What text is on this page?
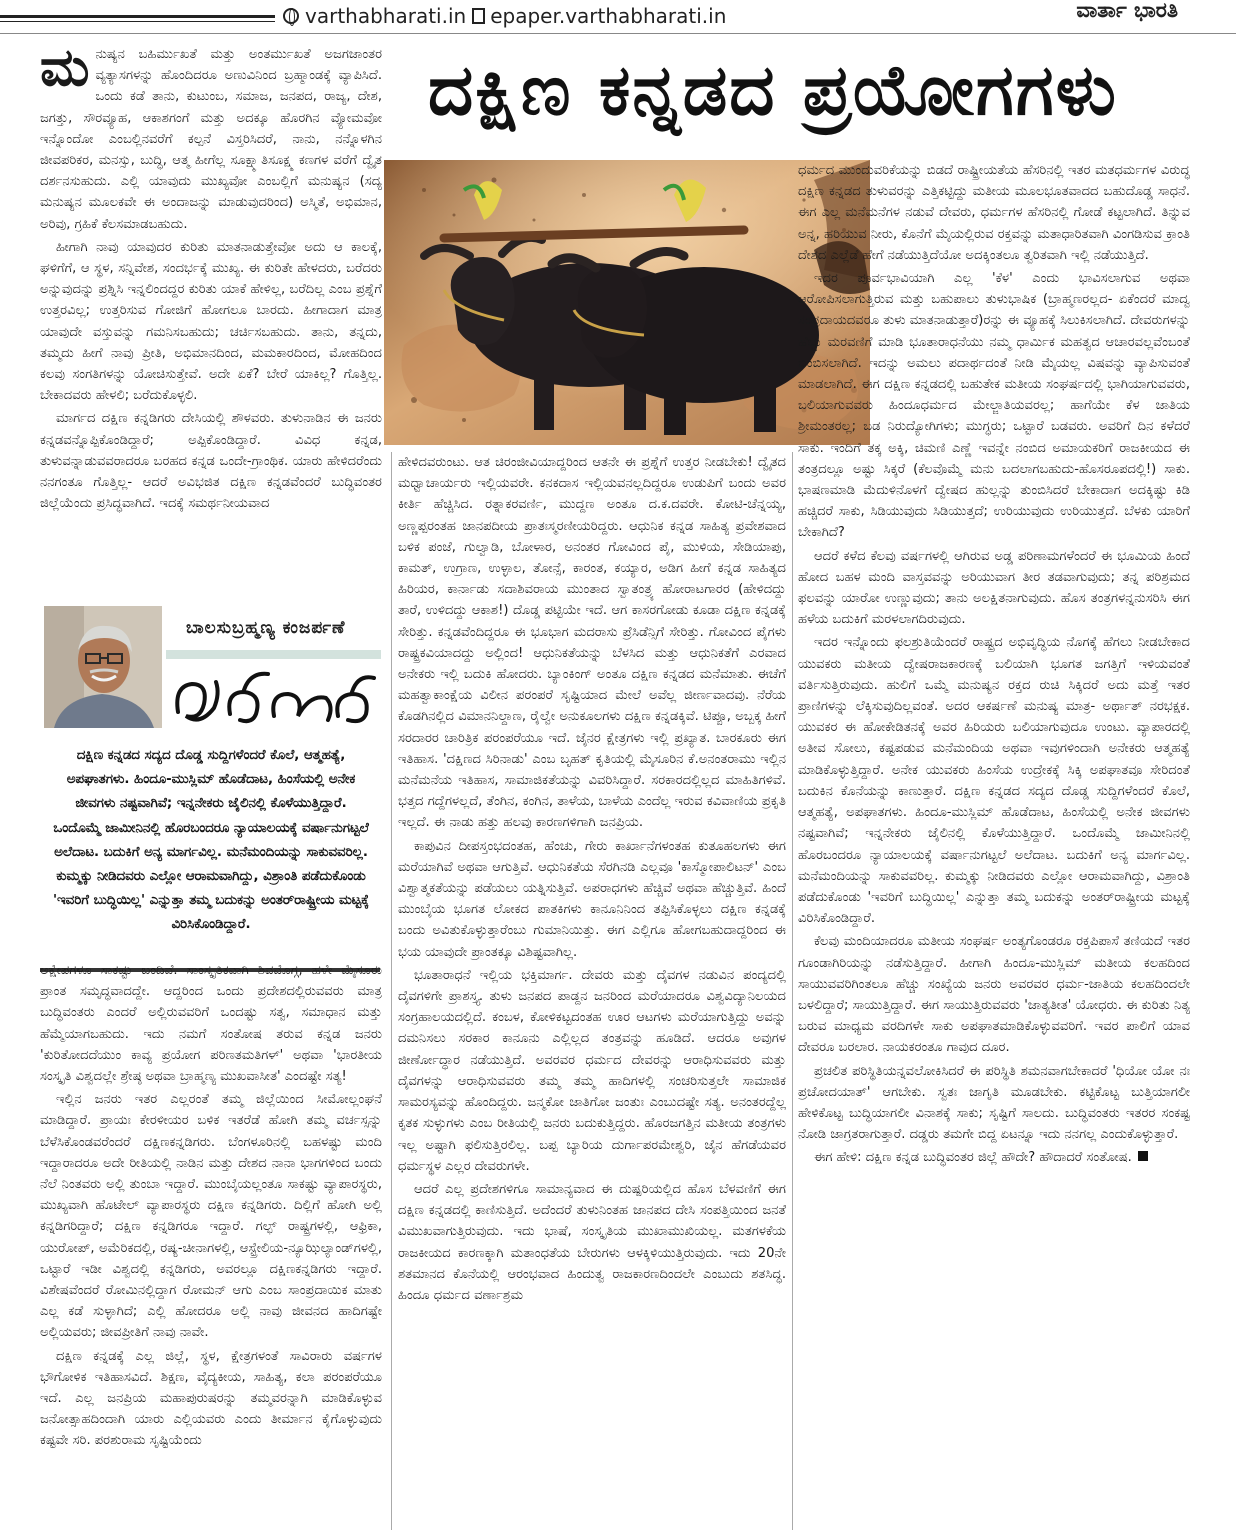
varthabharati.in epaper.varthabharati.in	ವಾರ್ತಾ ಭಾರತಿ
ದಕ್ಷಿಣ ಕನ್ನಡದ ಪ್ರಯೋಗಗಳು

ಮನುಷ್ಯನ ಬಹಿರ್ಮುಖತೆ ಮತ್ತು ಅಂತರ್ಮುಖತೆ ಅಜಗಜಾಂತರ ವ್ಯತ್ಯಾಸಗಳನ್ನು ಹೊಂದಿದರೂ ಅಣುವಿನಿಂದ ಬ್ರಹ್ಮಾಂಡಕ್ಕೆ ವ್ಯಾಪಿಸಿದೆ. ಒಂದು ಕಡೆ ತಾನು, ಕುಟುಂಬ, ಸಮಾಜ, ಜನಪದ, ರಾಜ್ಯ, ದೇಶ, ಜಗತ್ತು, ಸೌರವ್ಯೂಹ, ಆಕಾಶಗಂಗೆ ಮತ್ತು ಅದಕ್ಕೂ ಹೊರಗಿನ ವ್ಯೋಮವೋ ಇನ್ನೊಂದೋ ಎಂಬಲ್ಲಿನವರೆಗೆ ಕಲ್ಪನೆ ವಿಸ್ತರಿಸಿದರೆ, ನಾನು, ನನ್ನೊಳಗಿನ ಜೀವಪರಿಕರ, ಮನಸ್ಸು, ಬುದ್ಧಿ, ಆತ್ಮ ಹೀಗೆಲ್ಲ ಸೂಕ್ಷ್ಮಾತಿಸೂಕ್ಷ್ಮ ಕಣಗಳ ವರೆಗೆ ದ್ವೈತ ದರ್ಶನಸುಹುದು. ಎಲ್ಲಿ ಯಾವುದು ಮುಖ್ಯವೋ ಎಂಬಲ್ಲಿಗೆ ಮನುಷ್ಯನ (ಸದ್ಯ ಮನುಷ್ಯನ ಮೂಲಕವೇ ಈ ಅಂದಾಜನ್ನು ಮಾಡುವುದರಿಂದ) ಅಸ್ಮಿತೆ, ಅಭಿಮಾನ, ಅರಿವು, ಗ್ರಹಿಕೆ ಕೆಲಸಮಾಡಬಹುದು.

ಹೀಗಾಗಿ ನಾವು ಯಾವುದರ ಕುರಿತು ಮಾತನಾಡುತ್ತೇವೋ ಅದು ಆ ಕಾಲಕ್ಕೆ, ಘಳಿಗೆಗೆ, ಆ ಸ್ಥಳ, ಸನ್ನಿವೇಶ, ಸಂದರ್ಭಕ್ಕೆ ಮುಖ್ಯ. ಈ ಕುರಿತೇ ಹೇಳದರು, ಬರೆದರು ಅನ್ನುವುದನ್ನು ಪ್ರಶ್ನಿಸಿ ಇನ್ನಲಿಂದದ್ದರ ಕುರಿತು ಯಾಕೆ ಹೇಳಿಲ್ಲ, ಬರೆದಿಲ್ಲ ಎಂಬ ಪ್ರಶ್ನೆಗೆ ಉತ್ತರವಿಲ್ಲ; ಉತ್ತರಿಸುವ ಗೋಜಿಗೆ ಹೋಗಲೂ ಬಾರದು. ಹೀಗಾದಾಗ ಮಾತ್ರ ಯಾವುದೇ ವಸ್ತುವನ್ನು ಗಮನಿಸಬಹುದು; ಚರ್ಚಿಸಬಹುದು. ತಾನು, ತನ್ನದು, ತಮ್ಮದು ಹೀಗೆ ನಾವು ಪ್ರೀತಿ, ಅಭಿಮಾನದಿಂದ, ಮಮಕಾರದಿಂದ, ಮೋಹದಿಂದ ಕಲವು ಸಂಗತಿಗಳನ್ನು ಯೋಚಿಸುತ್ತೇವೆ. ಅದೇ ಏಕೆ? ಬೇರೆ ಯಾಕಿಲ್ಲ? ಗೊತ್ತಿಲ್ಲ. ಬೇಕಾದವರು ಹೇಳಲಿ; ಬರೆದುಕೊಳ್ಳಲಿ.

ಮಾರ್ಗದ ದಕ್ಷಿಣ ಕನ್ನಡಿಗರು ದೇಸಿಯಲ್ಲಿ ಶೌಳವರು. ತುಳುನಾಡಿನ ಈ ಜನರು ಕನ್ನಡವನ್ನೊಪ್ಪಿಕೊಂಡಿದ್ದಾರೆ; ಅಪ್ಪಿಕೊಂಡಿದ್ದಾರೆ. ವಿವಿಧ ಕನ್ನಡ, ತುಳುವನ್ನಾಡುವವರಾದರೂ ಬರಹದ ಕನ್ನಡ ಒಂದೇ-ಗ್ರಾಂಥಿಕ. ಯಾರು ಹೇಳಿದರೆಂದು ನನಗಂತೂ ಗೊತ್ತಿಲ್ಲ- ಆದರೆ ಅವಿಭಜಿತ ದಕ್ಷಿಣ ಕನ್ನಡವೆಂದರೆ ಬುದ್ಧಿವಂತರ ಜಿಲ್ಲೆಯೆಂದು ಪ್ರಸಿದ್ಧವಾಗಿದೆ. ಇದಕ್ಕೆ ಸಮರ್ಥನೀಯವಾದ

ಬಾಲಸುಬ್ರಹ್ಮಣ್ಯ ಕಂಜರ್ಪಣೆ
ದಕ್ಷಿಣ ಕನ್ನಡದ ಸದ್ಯದ ದೊಡ್ಡ ಸುದ್ದಿಗಳೆಂದರೆ ಕೊಲೆ, ಆತ್ಮಹತ್ಯೆ, ಅಪಘಾತಗಳು. ಹಿಂದೂ-ಮುಸ್ಲಿಮ್ ಹೊಡೆದಾಟ, ಹಿಂಸೆಯಲ್ಲಿ ಅನೇಕ ಜೀವಗಳು ನಷ್ಟವಾಗಿವೆ; ಇನ್ನನೇಕರು ಜೈಲಿನಲ್ಲಿ ಕೊಳೆಯುತ್ತಿದ್ದಾರೆ. ಒಂದೊಮ್ಮೆ ಜಾಮೀನಿನಲ್ಲಿ ಹೊರಬಂದರೂ ನ್ಯಾಯಾಲಯಕ್ಕೆ ವರ್ಷಾನುಗಟ್ಟಲೆ ಅಲೆದಾಟ. ಬದುಕಿಗೆ ಅನ್ಯ ಮಾರ್ಗವಿಲ್ಲ. ಮನೆಮಂದಿಯನ್ನು ಸಾಕುವವರಿಲ್ಲ. ಕುಮ್ಮಕ್ಕು ನೀಡಿದವರು ಎಲ್ಲೋ ಆರಾಮವಾಗಿದ್ದು, ವಿಶ್ರಾಂತಿ ಪಡೆದುಕೊಂಡು 'ಇವರಿಗೆ ಬುದ್ಧಿಯಿಲ್ಲ' ಎನ್ನುತ್ತಾ ತಮ್ಮ ಬದುಕನ್ನು ಅಂತರ್‌ರಾಷ್ಟ್ರೀಯ ಮಟ್ಟಕ್ಕೆ ವಿರಿಸಿಕೊಂಡಿದ್ದಾರೆ.

ಅಕ್ಷೇಪಗಳೂ ಸಾಕಷ್ಟು ಬಂದಿವೆ. ಸಾಂಸ್ಕೃತಿಕವಾಗಿ ಶಿವಮೊಗ್ಗ, ಹಳೇ ಮೈಸೂರು ಪ್ರಾಂತ ಸಮೃದ್ಧವಾದದ್ದೇ. ಆದ್ದರಿಂದ ಒಂದು ಪ್ರದೇಶದಲ್ಲಿರುವವರು ಮಾತ್ರ ಬುದ್ಧಿವಂತರು ಎಂದರೆ ಅಲ್ಲಿರುವವರಿಗೆ ಒಂದಷ್ಟು ಸತ್ವ, ಸಮಾಧಾನ ಮತ್ತು ಹೆಮ್ಮೆಯಾಗಬಹುದು. ಇದು ನಮಗೆ ಸಂತೋಷ ತರುವ ಕನ್ನಡ ಜನರು 'ಕುರಿತೋದದೆಯುಂ ಕಾವ್ಯ ಪ್ರಯೋಗ ಪರಿಣತಮತಿಗಳ್' ಅಥವಾ 'ಭಾರತೀಯ ಸಂಸ್ಕೃತಿ ವಿಶ್ವದಲ್ಲೇ ಶ್ರೇಷ್ಠ ಅಥವಾ ಬ್ರಾಹ್ಮಣ್ಯ ಮುಖವಾಸೀತ' ಎಂದಷ್ಟೇ ಸತ್ಯ!

ಇಲ್ಲಿನ ಜನರು ಇತರ ಎಲ್ಲರಂತೆ ತಮ್ಮ ಜಿಲ್ಲೆಯಿಂದ ಸೀಮೋಲ್ಲಂಘನೆ ಮಾಡಿದ್ದಾರೆ. ಪ್ರಾಯಃ ಕೇರಳೀಯರ ಬಳಿಕ ಇತರೆಡೆ ಹೋಗಿ ತಮ್ಮ ವರ್ಚಸ್ಸನ್ನು ಬೆಳೆಸಿಕೊಂಡವರೆಂದರೆ ದಕ್ಷಿಣಕನ್ನಡಿಗರು. ಬೆಂಗಳೂರಿನಲ್ಲಿ ಬಹಳಷ್ಟು ಮಂದಿ ಇದ್ದಾರಾದರೂ ಅದೇ ರೀತಿಯಲ್ಲಿ ನಾಡಿನ ಮತ್ತು ದೇಶದ ನಾನಾ ಭಾಗಗಳಿಂದ ಬಂದು ನೆಲೆ ನಿಂತವರು ಅಲ್ಲಿ ತುಂಬಾ ಇದ್ದಾರೆ. ಮುಂಬೈಯಲ್ಲಂತೂ ಸಾಕಷ್ಟು ವ್ಯಾಪಾರಸ್ಥರು, ಮುಖ್ಯವಾಗಿ ಹೊಟೇಲ್ ವ್ಯಾಪಾರಸ್ಥರು ದಕ್ಷಿಣ ಕನ್ನಡಿಗರು. ದಿಲ್ಲಿಗೆ ಹೋಗಿ ಅಲ್ಲಿ ಕನ್ನಡಿಗರಿದ್ದಾರೆ; ದಕ್ಷಿಣ ಕನ್ನಡಿಗರೂ ಇದ್ದಾರೆ. ಗಲ್ಫ್ ರಾಷ್ಟ್ರಗಳಲ್ಲಿ, ಆಫ್ರಿಕಾ, ಯುರೋಪ್, ಅಮೆರಿಕದಲ್ಲಿ, ರಷ್ಯ-ಚೀನಾಗಳಲ್ಲಿ, ಆಸ್ಟ್ರೇಲಿಯ-ನ್ಯೂಝಿಲ್ಯಾಂಡ್‌ಗಳಲ್ಲಿ, ಒಟ್ಟಾರೆ ಇಡೀ ವಿಶ್ವದಲ್ಲಿ ಕನ್ನಡಿಗರು, ಅವರಲ್ಲೂ ದಕ್ಷಿಣಕನ್ನಡಿಗರು ಇದ್ದಾರೆ. ವಿಶೇಷವೆಂದರೆ ರೋಮಿನಲ್ಲಿದ್ದಾಗ ರೋಮನ್ ಆಗು ಎಂಬ ಸಾಂಪ್ರದಾಯಿಕ ಮಾತು ಎಲ್ಲ ಕಡೆ ಸುಳ್ಳಾಗಿದೆ; ಎಲ್ಲಿ ಹೋದರೂ ಅಲ್ಲಿ ನಾವು ಜೀವನದ ಹಾದಿಗಷ್ಟೇ ಅಲ್ಲಿಯವರು; ಜೀವಪ್ರೀತಿಗೆ ನಾವು ನಾವೇ.

ದಕ್ಷಿಣ ಕನ್ನಡಕ್ಕೆ ಎಲ್ಲ ಜಿಲ್ಲೆ, ಸ್ಥಳ, ಕ್ಷೇತ್ರಗಳಂತೆ ಸಾವಿರಾರು ವರ್ಷಗಳ ಭೌಗೋಳಿಕ ಇತಿಹಾಸವಿದೆ. ಶಿಕ್ಷಣ, ವೈದ್ಯಕೀಯ, ಸಾಹಿತ್ಯ, ಕಲಾ ಪರಂಪರೆಯೂ ಇದೆ. ಎಲ್ಲ ಜನಪ್ರಿಯ ಮಹಾಪುರುಷರನ್ನು ತಮ್ಮವರನ್ನಾಗಿ ಮಾಡಿಕೊಳ್ಳುವ ಜನೋತ್ಸಾಹದಿಂದಾಗಿ ಯಾರು ಎಲ್ಲಿಯವರು ಎಂದು ತೀರ್ಮಾನ ಕೈಗೊಳ್ಳುವುದು ಕಷ್ಟವೇ ಸರಿ. ಪರಶುರಾಮ ಸೃಷ್ಟಿಯೆಂದು

ಹೇಳಿದವರುಂಟು. ಆತ ಚಿರಂಜೀವಿಯಾದ್ದರಿಂದ ಆತನೇ ಈ ಪ್ರಶ್ನೆಗೆ ಉತ್ತರ ನೀಡಬೇಕು! ದ್ವೈತದ ಮಧ್ವಾಚಾರ್ಯರು ಇಲ್ಲಿಯವರೇ. ಕನಕದಾಸ ಇಲ್ಲಿಯವನಲ್ಲದಿದ್ದರೂ ಉಡುಪಿಗೆ ಬಂದು ಅವರ ಕೀರ್ತಿ ಹೆಚ್ಚಿಸಿದ. ರತ್ನಾಕರವರ್ಣಿ, ಮುದ್ದಣ ಅಂತೂ ದ.ಕ.ದವರೇ. ಕೋಟಿ-ಚೆನ್ನಯ್ಯ, ಅಣ್ಣಪ್ಪರಂತಹ ಜಾನಪದೀಯ ಪ್ರಾತಃಸ್ಮರಣೀಯರಿದ್ದರು. ಆಧುನಿಕ ಕನ್ನಡ ಸಾಹಿತ್ಯ ಪ್ರವೇಶವಾದ ಬಳಿಕ ಪಂಜೆ, ಗುಲ್ವಾಡಿ, ಬೋಳಾರ, ಅನಂತರ ಗೋವಿಂದ ಪೈ, ಮುಳಿಯ, ಸೇಡಿಯಾಪು, ಕಾಮತ್, ಉಗ್ರಾಣ, ಉಳ್ಳಾಲ, ತೋನ್ಸೆ, ಕಾರಂತ, ಕಯ್ಯಾರ, ಅಡಿಗ ಹೀಗೆ ಕನ್ನಡ ಸಾಹಿತ್ಯದ ಹಿರಿಯರ, ಕಾರ್ನಾಡು ಸದಾಶಿವರಾಯ ಮುಂತಾದ ಸ್ವಾತಂತ್ರ್ಯ ಹೋರಾಟಗಾರರ (ಹೇಳಿದದ್ದು ತಾರೆ, ಉಳಿದದ್ದು ಆಕಾಶ!) ದೊಡ್ಡ ಪಟ್ಟಿಯೇ ಇದೆ. ಆಗ ಕಾಸರಗೋಡು ಕೂಡಾ ದಕ್ಷಿಣ ಕನ್ನಡಕ್ಕೆ ಸೇರಿತ್ತು. ಕನ್ನಡವೆಂದಿದ್ದರೂ ಈ ಭೂಭಾಗ ಮದರಾಸು ಪ್ರೆಸಿಡೆನ್ಸಿಗೆ ಸೇರಿತ್ತು. ಗೋವಿಂದ ಪೈಗಳು ರಾಷ್ಟ್ರಕವಿಯಾದದ್ದು ಅಲ್ಲಿಂದ! ಆಧುನಿಕತೆಯನ್ನು ಬೆಳಸಿದ ಮತ್ತು ಆಧುನಿಕತೆಗೆ ಎರವಾದ ಅನೇಕರು ಇಲ್ಲಿ ಬದುಕಿ ಹೋದರು. ಬ್ಯಾಂಕಿಂಗ್ ಅಂತೂ ದಕ್ಷಿಣ ಕನ್ನಡದ ಮನೆಮಾತು. ಈಚೆಗೆ ಮಹತ್ವಾಕಾಂಕ್ಷೆಯ ವಿಲೀನ ಪರಂಪರೆ ಸೃಷ್ಟಿಯಾದ ಮೇಲೆ ಅವೆಲ್ಲ ಜೀರ್ಣವಾದವು. ನೆರೆಯ ಕೊಡಗಿನಲ್ಲಿದ ವಿಮಾನನಿಲ್ದಾಣ, ರೈಲ್ವೇ ಅನುಕೂಲಗಳು ದಕ್ಷಿಣ ಕನ್ನಡಕ್ಕಿವೆ. ಟಿಪ್ಪೂ, ಅಬ್ಬಕ್ಕ ಹೀಗೆ ಸರದಾರರ ಚಾರಿತ್ರಿಕ ಪರಂಪರೆಯೂ ಇದೆ. ಜೈನರ ಕ್ಷೇತ್ರಗಳು ಇಲ್ಲಿ ಪ್ರಖ್ಯಾತ. ಬಾರಕೂರು ಈಗ ಇತಿಹಾಸ. 'ದಕ್ಷಿಣದ ಸಿರಿನಾಡು' ಎಂಬ ಬೃಹತ್ ಕೃತಿಯಲ್ಲಿ ಮೈಸೂರಿನ ಕೆ.ಅನಂತರಾಮು ಇಲ್ಲಿನ ಮನೆಮನೆಯ ಇತಿಹಾಸ, ಸಾಮಾಜಿಕತೆಯನ್ನು ವಿವರಿಸಿದ್ದಾರೆ. ಸರಕಾರದಲ್ಲಿಲ್ಲದ ಮಾಹಿತಿಗಳಿವೆ. ಭತ್ತದ ಗದ್ದೆಗಳಲ್ಲದೆ, ತೆಂಗಿನ, ಕಂಗಿನ, ತಾಳೆಯ, ಬಾಳೆಯ ಎಂದೆಲ್ಲ ಇರುವ ಕವಿವಾಣಿಯ ಪ್ರಕೃತಿ ಇಲ್ಲದೆ. ಈ ನಾಡು ಹತ್ತು ಹಲವು ಕಾರಣಗಳಿಗಾಗಿ ಜನಪ್ರಿಯ.

ಕಾಪುವಿನ ದೀಪಸ್ತಂಭದಂತಹ, ಹೆಂಚು, ಗೇರು ಕಾರ್ಖಾನೆಗಳಂತಹ ಕುತೂಹಲಗಳು ಈಗ ಮರೆಯಾಗಿವೆ ಅಥವಾ ಆಗುತ್ತಿವೆ. ಆಧುನಿಕತೆಯ ಸೆರಗಿನಡಿ ಎಲ್ಲವೂ 'ಕಾಸ್ಮೋಪಾಲಿಟನ್' ಎಂಬ ವಿಶ್ವಾತ್ಮಕತೆಯನ್ನು ಪಡೆಯಲು ಯತ್ನಿಸುತ್ತಿವೆ. ಅಪರಾಧಗಳು ಹೆಚ್ಚಿವೆ ಅಥವಾ ಹೆಚ್ಚುತ್ತಿವೆ. ಹಿಂದೆ ಮುಂಬೈಯ ಭೂಗತ ಲೋಕದ ಪಾತಕಿಗಳು ಕಾನೂನಿನಿಂದ ತಪ್ಪಿಸಿಕೊಳ್ಳಲು ದಕ್ಷಿಣ ಕನ್ನಡಕ್ಕೆ ಬಂದು ಅವಿತುಕೊಳ್ಳುತ್ತಾರೆಂಬು ಗುಮಾನಿಯಿತ್ತು. ಈಗ ಎಲ್ಲಿಗೂ ಹೋಗಬಹುದಾದ್ದರಿಂದ ಈ ಭಯ ಯಾವುದೇ ಪ್ರಾಂತಕ್ಕೂ ವಿಶಿಷ್ಟವಾಗಿಲ್ಲ.

ಭೂತಾರಾಧನೆ ಇಲ್ಲಿಯ ಭಕ್ತಿಮಾರ್ಗ. ದೇವರು ಮತ್ತು ದೈವಗಳ ನಡುವಿನ ಪಂದ್ಯದಲ್ಲಿ ದೈವಗಳಿಗೇ ಪ್ರಾಶಸ್ತ್ಯ. ತುಳು ಜನಪದ ಪಾಡ್ದನ ಜನರಿಂದ ಮರೆಯಾದರೂ ವಿಶ್ವವಿದ್ಯಾನಿಲಯದ ಸಂಗ್ರಹಾಲಯದಲ್ಲಿದೆ. ಕಂಬಳ, ಕೋಳಿಕಟ್ಟದಂತಹ ಊರ ಆಟಗಳು ಮರೆಯಾಗುತ್ತಿದ್ದು ಅವನ್ನು ದಮನಿಸಲು ಸರಕಾರ ಕಾನೂನು ಎಲ್ಲಿಲ್ಲದ ತಂತ್ರವನ್ನು ಹೂಡಿದೆ. ಆದರೂ ಅವುಗಳ ಜೀರ್ಣೋದ್ಧಾರ ನಡೆಯುತ್ತಿದೆ. ಅವರವರ ಧರ್ಮದ ದೇವರನ್ನು ಆರಾಧಿಸುವವರು ಮತ್ತು ದೈವಗಳನ್ನು ಆರಾಧಿಸುವವರು ತಮ್ಮ ತಮ್ಮ ಹಾದಿಗಳಲ್ಲಿ ಸಂಚರಿಸುತ್ತಲೇ ಸಾಮಾಜಿಕ ಸಾಮರಸ್ಯವನ್ನು ಹೊಂದಿದ್ದರು. ಜನ್ಮಕೋ ಜಾತಿಗೋ ಜಂತುಃ ಎಂಬುದಷ್ಟೇ ಸತ್ಯ. ಅನಂತರದ್ದೆಲ್ಲ ಕೃತಕ ಸುಳ್ಳುಗಳು ಎಂಬ ರೀತಿಯಲ್ಲಿ ಜನರು ಬದುಕುತ್ತಿದ್ದರು. ಹೊರಜಗತ್ತಿನ ಮತೀಯ ತಂತ್ರಗಳು ಇಲ್ಲ ಅಷ್ಟಾಗಿ ಫಲಿಸುತ್ತಿರಲಿಲ್ಲ. ಬಪ್ಪ ಬ್ಯಾರಿಯ ದುರ್ಗಾಪರಮೇಶ್ವರಿ, ಜೈನ ಹೆಗಡೆಯವರ ಧರ್ಮಸ್ಥಳ ಎಲ್ಲರ ದೇವರುಗಳೇ.

ಆದರೆ ಎಲ್ಲ ಪ್ರದೇಶಗಳಿಗೂ ಸಾಮಾನ್ಯವಾದ ಈ ದುಷ್ಪರಿಯಲ್ಲಿದ ಹೊಸ ಬೆಳವಣಿಗೆ ಈಗ ದಕ್ಷಿಣ ಕನ್ನಡದಲ್ಲಿ ಕಾಣಿಸುತ್ತಿದೆ. ಅದೆಂದರೆ ತುಳುನಿಂತಹ ಜಾನಪದ ದೇಸಿ ಸಂಪತ್ತಿಯಿಂದ ಜನತೆ ವಿಮುಖವಾಗುತ್ತಿರುವುದು. ಇದು ಭಾಷೆ, ಸಂಸ್ಕೃತಿಯ ಮುಖಾಮುಖಿಯಲ್ಲ. ಮತಗಳಕೆಯ ರಾಜಕೀಯದ ಕಾರಣಕ್ಕಾಗಿ ಮತಾಂಧತೆಯ ಬೇರುಗಳು ಆಳಕ್ಕಿಳಿಯುತ್ತಿರುವುದು. ಇದು 20ನೇ ಶತಮಾನದ ಕೊನೆಯಲ್ಲಿ ಆರಂಭವಾದ ಹಿಂದುತ್ವ ರಾಜಕಾರಣದಿಂದಲೇ ಎಂಬುದು ಶತಸಿದ್ಧ. ಹಿಂದೂ ಧರ್ಮದ ವರ್ಣಾಶ್ರಮ

ಧರ್ಮದ ಮುಂದುವರಿಕೆಯನ್ನು ಬಿಡದೆ ರಾಷ್ಟ್ರೀಯತೆಯ ಹೆಸರಿನಲ್ಲಿ ಇತರ ಮತಧರ್ಮಗಳ ವಿರುದ್ಧ ದಕ್ಷಿಣ ಕನ್ನಡದ ತುಳುವರನ್ನು ಎತ್ತಿಕಟ್ಟಿದ್ದು ಮತೀಯ ಮೂಲಭೂತವಾದದ ಬಹುದೊಡ್ಡ ಸಾಧನೆ. ಈಗ ಎಲ್ಲ ಮನೆಮನೆಗಳ ನಡುವೆ ದೇವರು, ಧರ್ಮಗಳ ಹೆಸರಿನಲ್ಲಿ ಗೋಡೆ ಕಟ್ಟಲಾಗಿದೆ. ತಿನ್ನುವ ಅನ್ನ, ಹರಿಯುವ ನೀರು, ಕೊನೆಗೆ ಮೈಯಲ್ಲಿರುವ ರಕ್ತವನ್ನು ಮತಾಧಾರಿತವಾಗಿ ವಿಂಗಡಿಸುವ ಕ್ರಾಂತಿ ದೇಶದ ಎಲ್ಲೆಡೆ ಹೇಗೆ ನಡೆಯುತ್ತಿದೆಯೋ ಅದಕ್ಕಿಂತಲೂ ತ್ವರಿತವಾಗಿ ಇಲ್ಲಿ ನಡೆಯುತ್ತಿದೆ.

ಇದರ ಪೂರ್ವಭಾವಿಯಾಗಿ ಎಲ್ಲ 'ಕೆಳ' ಎಂದು ಭಾವಿಸಲಾಗುವ ಅಥವಾ ಆರೋಪಿಸಲಾಗುತ್ತಿರುವ ಮತ್ತು ಬಹುಪಾಲು ತುಳುಭಾಷಿಕ (ಬ್ರಾಹ್ಮಣರಲ್ಲದ- ಏಕೆಂದರೆ ಮಾದ್ವ ಸಂಪ್ರದಾಯದವರೂ ತುಳು ಮಾತನಾಡುತ್ತಾರೆ)ರನ್ನು ಈ ವ್ಯೂಹಕ್ಕೆ ಸಿಲುಕಿಸಲಾಗಿದೆ. ದೇವರುಗಳನ್ನು ಹೆಚ್ಚು ಮರವಣಿಗೆ ಮಾಡಿ ಭೂತಾರಾಧನೆಯು ನಮ್ಮ ಧಾರ್ಮಿಕ ಮಹತ್ವದ ಆಚಾರವಲ್ಲವೆಂಬಂತೆ ಬಿಂಬಿಸಲಾಗಿದೆ. ಇದನ್ನು ಅಮಲು ಪದಾರ್ಥದಂತೆ ನೀಡಿ ಮೈಯಲ್ಲ ವಿಷವನ್ನು ವ್ಯಾಪಿಸುವಂತೆ ಮಾಡಲಾಗಿದೆ. ಈಗ ದಕ್ಷಿಣ ಕನ್ನಡದಲ್ಲಿ ಬಹುತೇಕ ಮತೀಯ ಸಂಘರ್ಷದಲ್ಲಿ ಭಾಗಿಯಾಗುವವರು, ಬಲಿಯಾಗುವವರು ಹಿಂದೂಧರ್ಮದ ಮೇಲ್ಜಾತಿಯವರಲ್ಲ; ಹಾಗೆಯೇ ಕೆಳ ಜಾತಿಯ ಶ್ರೀಮಂತರಲ್ಲ; ಬಡ ನಿರುದ್ಯೋಗಿಗಳು; ಮುಗ್ಧರು; ಒಟ್ಟಾರೆ ಬಡವರು. ಅವರಿಗೆ ದಿನ ಕಳೆದರೆ ಸಾಕು. ಇಂದಿಗೆ ತಕ್ಕ ಅಕ್ಕಿ, ಚಿಮಣಿ ಎಣ್ಣೆ ಇವನ್ನೇ ನಂಬಿದ ಅಮಾಯಕರಿಗೆ ರಾಜಕೀಯದ ಈ ತಂತ್ರದಲ್ಲೂ ಅಷ್ಟು ಸಿಕ್ಕರೆ (ಕೆಲವೊಮ್ಮೆ ಮನು ಬದಲಾಗಬಹುದು-ಹೊಸರೂಪದಲ್ಲಿ!) ಸಾಕು. ಭಾಷಣಮಾಡಿ ಮೆದುಳಿನೊಳಗೆ ದ್ವೇಷದ ಹುಲ್ಲನ್ನು ತುಂಬಿಸಿದರೆ ಬೇಕಾದಾಗ ಅದಕ್ಕಿಷ್ಟು ಕಿಡಿ ಹಚ್ಚಿದರೆ ಸಾಕು, ಸಿಡಿಯುವುದು ಸಿಡಿಯುತ್ತದೆ; ಉರಿಯುವುದು ಉರಿಯುತ್ತದೆ. ಬೆಳಕು ಯಾರಿಗೆ ಬೇಕಾಗಿದೆ?

ಆದರೆ ಕಳೆದ ಕೆಲವು ವರ್ಷಗಳಲ್ಲಿ ಆಗಿರುವ ಅಡ್ಡ ಪರಿಣಾಮಗಳೆಂದರೆ ಈ ಭೂಮಿಯ ಹಿಂದೆ ಹೋದ ಬಹಳ ಮಂದಿ ವಾಸ್ತವವನ್ನು ಅರಿಯುವಾಗ ತೀರ ತಡವಾಗುವುದು; ತನ್ನ ಪರಿಶ್ರಮದ ಫಲವನ್ನು ಯಾರೋ ಉಣ್ಣುವುದು; ತಾನು ಅಲಕ್ಷಿತನಾಗುವುದು. ಹೊಸ ತಂತ್ರಗಳನ್ನನುಸರಿಸಿ ಈಗ ಹಳೆಯ ಬದುಕಿಗೆ ಮರಳಲಾಗದಿರುವುದು.

ಇದರ ಇನ್ನೊಂದು ಫಲಶ್ರುತಿಯೆಂದರೆ ರಾಷ್ಟ್ರದ ಅಭಿವೃದ್ಧಿಯ ನೊಗಕ್ಕೆ ಹೆಗಲು ನೀಡಬೇಕಾದ ಯುವಕರು ಮತೀಯ ದ್ವೇಷರಾಜಕಾರಣಕ್ಕೆ ಬಲಿಯಾಗಿ ಭೂಗತ ಜಗತ್ತಿಗೆ ಇಳಿಯವಂತೆ ವರ್ತಿಸುತ್ತಿರುವುದು. ಹುಲಿಗೆ ಒಮ್ಮೆ ಮನುಷ್ಯನ ರಕ್ತದ ರುಚಿ ಸಿಕ್ಕಿದರೆ ಅದು ಮತ್ತೆ ಇತರ ಪ್ರಾಣಿಗಳನ್ನು ಲೆಕ್ಕಿಸುವುದಿಲ್ಲವಂತೆ. ಅದರ ಆಕರ್ಷಣೆ ಮನುಷ್ಯ ಮಾತ್ರ- ಅರ್ಥಾತ್ ನರಭಕ್ಷಕ. ಯುವಕರ ಈ ಹೋಕೇಡಿತನಕ್ಕೆ ಅವರ ಹಿರಿಯರು ಬಲಿಯಾಗುವುದೂ ಉಂಟು. ವ್ಯಾಪಾರದಲ್ಲಿ ಅತೀವ ಸೋಲು, ಕಷ್ಟಪಡುವ ಮನೆಮಂದಿಯ ಅಥವಾ ಇವುಗಳಿಂದಾಗಿ ಅನೇಕರು ಆತ್ಮಹತ್ಯೆ ಮಾಡಿಕೊಳ್ಳುತ್ತಿದ್ದಾರೆ. ಅನೇಕ ಯುವಕರು ಹಿಂಸೆಯ ಉದ್ರೇಕಕ್ಕೆ ಸಿಕ್ಕಿ ಅಪಘಾತವೂ ಸೇರಿದಂತೆ ಬದುಕಿನ ಕೊನೆಯನ್ನು ಕಾಣುತ್ತಾರೆ. ದಕ್ಷಿಣ ಕನ್ನಡದ ಸದ್ಯದ ದೊಡ್ಡ ಸುದ್ದಿಗಳೆಂದರೆ ಕೊಲೆ, ಆತ್ಮಹತ್ಯೆ, ಅಪಘಾತಗಳು. ಹಿಂದೂ-ಮುಸ್ಲಿಮ್ ಹೊಡೆದಾಟ, ಹಿಂಸೆಯಲ್ಲಿ ಅನೇಕ ಜೀವಗಳು ನಷ್ಟವಾಗಿವೆ; ಇನ್ನನೇಕರು ಜೈಲಿನಲ್ಲಿ ಕೊಳೆಯುತ್ತಿದ್ದಾರೆ. ಒಂದೊಮ್ಮೆ ಜಾಮೀನಿನಲ್ಲಿ ಹೊರಬಂದರೂ ನ್ಯಾಯಾಲಯಕ್ಕೆ ವರ್ಷಾನುಗಟ್ಟಲೆ ಅಲೆದಾಟ. ಬದುಕಿಗೆ ಅನ್ಯ ಮಾರ್ಗವಿಲ್ಲ. ಮನೆಮಂದಿಯನ್ನು ಸಾಕುವವರಿಲ್ಲ. ಕುಮ್ಮಕ್ಕು ನೀಡಿದವರು ಎಲ್ಲೋ ಆರಾಮವಾಗಿದ್ದು, ವಿಶ್ರಾಂತಿ ಪಡೆದುಕೊಂಡು 'ಇವರಿಗೆ ಬುದ್ಧಿಯಿಲ್ಲ' ಎನ್ನುತ್ತಾ ತಮ್ಮ ಬದುಕನ್ನು ಅಂತರ್‌ರಾಷ್ಟ್ರೀಯ ಮಟ್ಟಕ್ಕೆ ವಿರಿಸಿಕೊಂಡಿದ್ದಾರೆ.

ಕೆಲವು ಮಂದಿಯಾದರೂ ಮತೀಯ ಸಂಘರ್ಷ ಅಂತ್ಯಗೊಂಡರೂ ರಕ್ತಪಿಪಾಸೆ ತಣಿಯದೆ ಇತರ ಗೂಂಡಾಗಿರಿಯನ್ನು ನಡೆಸುತ್ತಿದ್ದಾರೆ. ಹೀಗಾಗಿ ಹಿಂದೂ-ಮುಸ್ಲಿಮ್ ಮತೀಯ ಕಲಹದಿಂದ ಸಾಯುವವರಿಗಿಂತಲೂ ಹೆಚ್ಚು ಸಂಖ್ಯೆಯ ಜನರು ಅವರವರ ಧರ್ಮ-ಜಾತಿಯ ಕಲಹದಿಂದಲೇ ಬಳಲಿದ್ದಾರೆ; ಸಾಯುತ್ತಿದ್ದಾರೆ. ಈಗ ಸಾಯುತ್ತಿರುವವರು 'ಜಾತ್ಯತೀತ' ಯೋಧರು. ಈ ಕುರಿತು ನಿತ್ಯ ಬರುವ ಮಾಧ್ಯಮ ವರದಿಗಳೇ ಸಾಕು ಅಪಘಾತಮಾಡಿಕೊಳ್ಳುವವರಿಗೆ. ಇವರ ಪಾಲಿಗೆ ಯಾವ ದೇವರೂ ಬರಲಾರ. ನಾಯಕರಂತೂ ಗಾವುದ ದೂರ.

ಪ್ರಚಲಿತ ಪರಿಸ್ಥಿತಿಯನ್ನವಲೋಕಿಸಿದರೆ ಈ ಪರಿಸ್ಥಿತಿ ಶಮನವಾಗಬೇಕಾದರೆ 'ಧಿಯೋ ಯೋ ನಃ ಪ್ರಚೋದಯಾತ್' ಆಗಬೇಕು. ಸ್ವತಃ ಜಾಗೃತಿ ಮೂಡಬೇಕು. ಕಟ್ಟಿಕೊಟ್ಟ ಬುತ್ತಿಯಾಗಲೀ ಹೇಳಿಕೊಟ್ಟ ಬುದ್ಧಿಯಾಗಲೀ ವಿನಾಶಕ್ಕೆ ಸಾಕು; ಸೃಷ್ಟಿಗೆ ಸಾಲದು. ಬುದ್ಧಿವಂತರು ಇತರರ ಸಂಕಷ್ಟ ನೋಡಿ ಜಾಗ್ರತರಾಗುತ್ತಾರೆ. ದಡ್ಡರು ತಮಗೇ ಬಿದ್ದ ಏಟನ್ನೂ ಇದು ನನಗಲ್ಲ ಎಂದುಕೊಳ್ಳುತ್ತಾರೆ.

ಈಗ ಹೇಳಿ: ದಕ್ಷಿಣ ಕನ್ನಡ ಬುದ್ಧಿವಂತರ ಜಿಲ್ಲೆ ಹೌದೇ? ಹೌದಾದರೆ ಸಂತೋಷ.
